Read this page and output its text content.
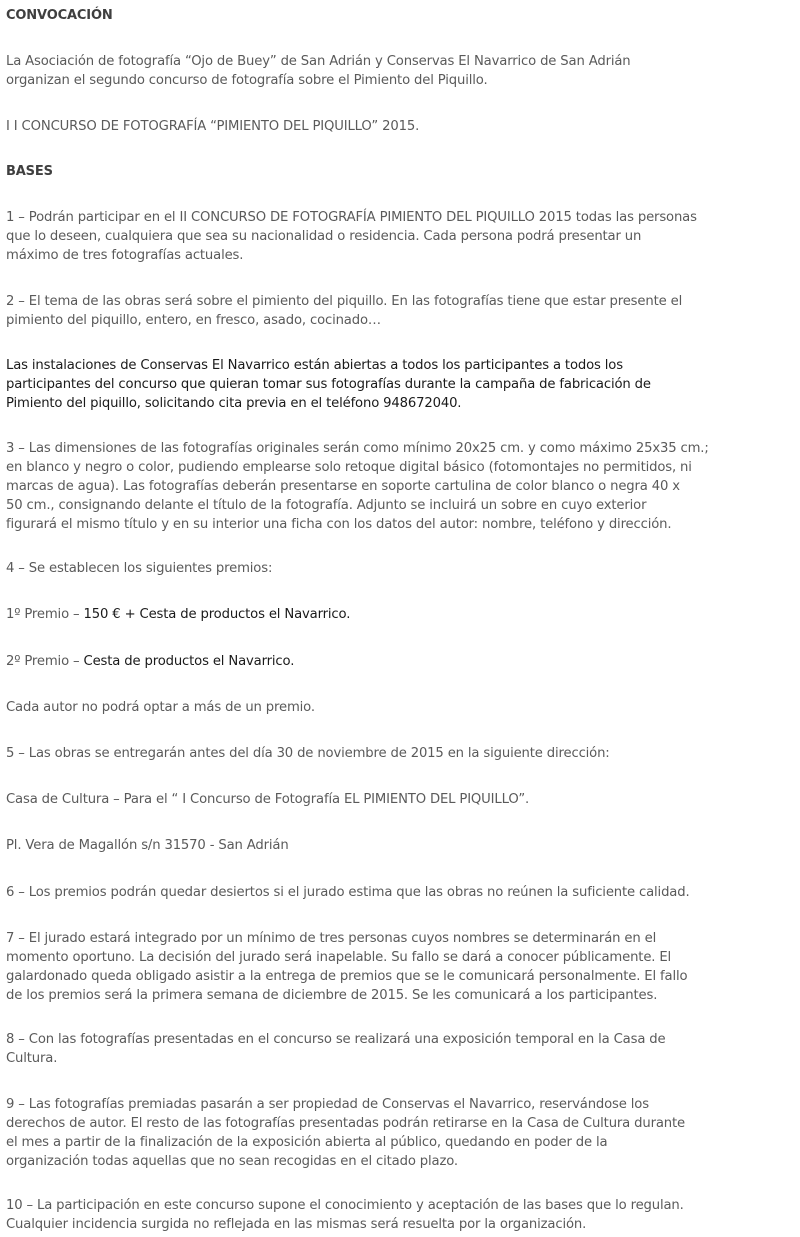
CONVOCACIÓN
La Asociación de fotografía “Ojo de Buey” de San Adrián y Conservas El Navarrico de San Adrián
organizan el segundo concurso de fotografía sobre el Pimiento del Piquillo.
I I CONCURSO DE FOTOGRAFÍA “PIMIENTO DEL PIQUILLO” 2015.
BASES
1 – Podrán participar en el II CONCURSO DE FOTOGRAFÍA PIMIENTO DEL PIQUILLO 2015 todas las personas
que lo deseen, cualquiera que sea su nacionalidad o residencia. Cada persona podrá presentar un
máximo de tres fotografías actuales.
2 – El tema de las obras será sobre el pimiento del piquillo. En las fotografías tiene que estar presente el
pimiento del piquillo, entero, en fresco, asado, cocinado…
Las instalaciones de Conservas El Navarrico están abiertas a todos los participantes a todos los
participantes del concurso que quieran tomar sus fotografías durante la campaña de fabricación de
Pimiento del piquillo, solicitando cita previa en el teléfono 948672040.
3 – Las dimensiones de las fotografías originales serán como mínimo 20x25 cm. y como máximo 25x35 cm.;
en blanco y negro o color, pudiendo emplearse solo retoque digital básico (fotomontajes no permitidos, ni
marcas de agua). Las fotografías deberán presentarse en soporte cartulina de color blanco o negra 40 x
50 cm., consignando delante el título de la fotografía. Adjunto se incluirá un sobre en cuyo exterior
figurará el mismo título y en su interior una ficha con los datos del autor: nombre, teléfono y dirección.
4 – Se establecen los siguientes premios:
1º Premio – 150 € + Cesta de productos el Navarrico.
2º Premio – Cesta de productos el Navarrico.
Cada autor no podrá optar a más de un premio.
5 – Las obras se entregarán antes del día 30 de noviembre de 2015 en la siguiente dirección:
Casa de Cultura – Para el “ I Concurso de Fotografía EL PIMIENTO DEL PIQUILLO”.
Pl. Vera de Magallón s/n 31570 - San Adrián
6 – Los premios podrán quedar desiertos si el jurado estima que las obras no reúnen la suficiente calidad.
7 – El jurado estará integrado por un mínimo de tres personas cuyos nombres se determinarán en el
momento oportuno. La decisión del jurado será inapelable. Su fallo se dará a conocer públicamente. El
galardonado queda obligado asistir a la entrega de premios que se le comunicará personalmente. El fallo
de los premios será la primera semana de diciembre de 2015. Se les comunicará a los participantes.
8 – Con las fotografías presentadas en el concurso se realizará una exposición temporal en la Casa de
Cultura.
9 – Las fotografías premiadas pasarán a ser propiedad de Conservas el Navarrico, reservándose los
derechos de autor. El resto de las fotografías presentadas podrán retirarse en la Casa de Cultura durante
el mes a partir de la finalización de la exposición abierta al público, quedando en poder de la
organización todas aquellas que no sean recogidas en el citado plazo.
10 – La participación en este concurso supone el conocimiento y aceptación de las bases que lo regulan.
Cualquier incidencia surgida no reflejada en las mismas será resuelta por la organización.
